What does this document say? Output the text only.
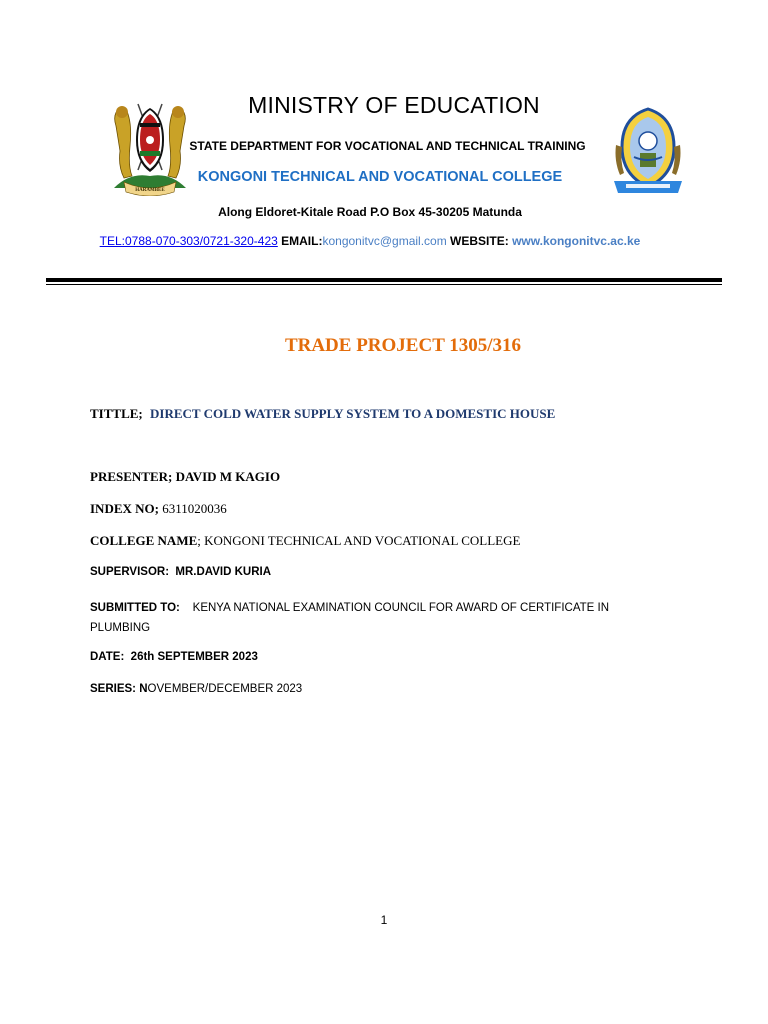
HARAMBEE
MINISTRY OF EDUCATION
STATE DEPARTMENT FOR VOCATIONAL AND TECHNICAL TRAINING
KONGONI TECHNICAL AND VOCATIONAL COLLEGE
Along Eldoret-Kitale Road P.O Box 45-30205 Matunda
TEL:0788-070-303/0721-320-423 EMAIL:kongonitvc@gmail.com WEBSITE: www.kongonitvc.ac.ke
TRADE PROJECT 1305/316
TITTLE; DIRECT COLD WATER SUPPLY SYSTEM TO A DOMESTIC HOUSE
PRESENTER; DAVID M KAGIO
INDEX NO; 6311020036
COLLEGE NAME; KONGONI TECHNICAL AND VOCATIONAL COLLEGE
SUPERVISOR: MR.DAVID KURIA
SUBMITTED TO: KENYA NATIONAL EXAMINATION COUNCIL FOR AWARD OF CERTIFICATE IN PLUMBING
DATE: 26th SEPTEMBER 2023
SERIES: NOVEMBER/DECEMBER 2023
1
